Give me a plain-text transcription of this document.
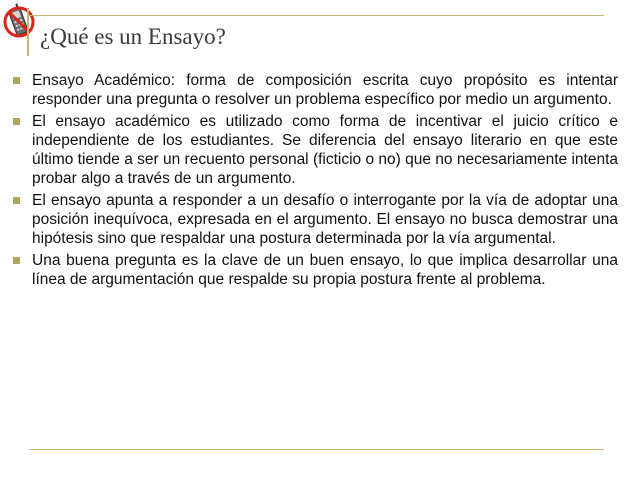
¿Qué es un Ensayo?
Ensayo Académico: forma de composición escrita cuyo propósito es intentar responder una pregunta o resolver un problema específico por medio un argumento.
El ensayo académico es utilizado como forma de incentivar el juicio crítico e independiente de los estudiantes. Se diferencia del ensayo literario en que este último tiende a ser un recuento personal (ficticio o no) que no necesariamente intenta probar algo a través de un argumento.
El ensayo apunta a responder a un desafío o interrogante por la vía de adoptar una posición inequívoca, expresada en el argumento. El ensayo no busca demostrar una hipótesis sino que respaldar una postura determinada por la vía argumental.
Una buena pregunta es la clave de un buen ensayo, lo que implica desarrollar una línea de argumentación que respalde su propia postura frente al problema.
